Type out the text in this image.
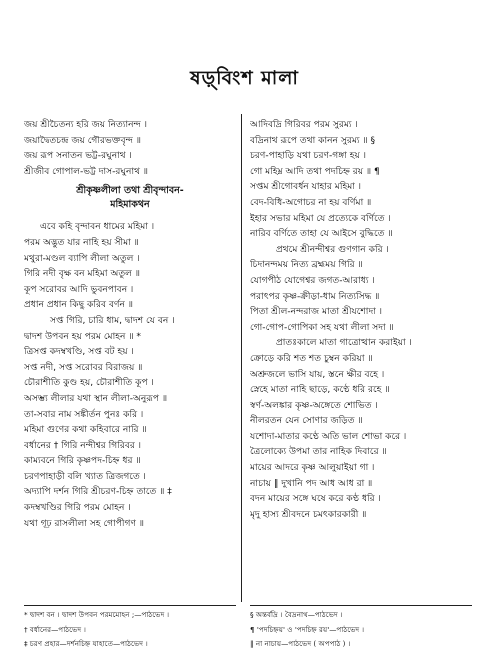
ষড়্‌বিংশ মালা
জয় শ্রীচৈতন্য হরি জয় নিত্যানন্দ ।
জয়াদ্বৈতচন্দ্র জয় গৌরভক্তবৃন্দ ॥
জয় রূপ সনাতন ভট্ট-রঘুনাথ ।
শ্রীজীব গোপাল-ভট্ট দাস-রঘুনাথ ॥
শ্রীকৃষ্ণলীলা তথা শ্রীবৃন্দাবন-
মহিমাকথন
এবে কহি বৃন্দাবন ধামের মহিমা ।
পরম অদ্ভুত যার নাহি হয় সীমা ॥
মথুরা-মণ্ডল ব্যাপি লীলা অতুল ।
গিরি নদী বৃক্ষ বন মহিমা অতুল ॥
কূপ সরোবর আদি ভুবনপাবন ।
প্রধান প্রধান কিছু করিব বর্ণন ॥
সপ্ত গিরি, চারি ধাম, দ্বাদশ যে বন ।
দ্বাদশ উপবন হয় পরম মোহন ॥ *
ত্রিসপ্ত কদম্বখণ্ডি, সপ্ত বট হয় ।
সপ্ত নদী, সপ্ত সরোবর বিরাজয় ॥
চৌরাশীতি কুণ্ড হয়, চৌরাশীতি কূপ ।
অসম্ভ্য লীলার যথা স্থান লীলা-অনুরূপ ॥
তা-সবার নাম সঙ্কীর্তন পুনঃ করি ।
মহিমা গুণের কথা কহিবারে নারি ॥
বর্ধানের † গিরি নন্দীশ্বর গিরিবর ।
কাম্যবনে গিরি কৃষ্ণপদ-চিহ্ন ধর ॥
চরণপাহাড়ী বলি খ্যাত ত্রিজগতে ।
অদ্যাপি দর্শন গিরি শ্রীচরণ-চিহ্ন তাতে ॥ ‡
কদম্বখণ্ডির গিরি পরম মোহন ।
যথা গূঢ় রাসলীলা সহ গোপীগণ ॥
আদিবদ্রি গিরিবর পরম সুরম্য ।
বদ্রিনাথ রূপে তথা কানন সুরম্য ॥ §
চরণ-পাহাড়ি যথা চরণ-গঙ্গা হয় ।
গো মহিম্ন আদি তথা পদচিহ্ন রয় ॥ ¶
সপ্তম শ্রীগোবর্ধন যাহার মহিমা ।
বেদ-বিধি-অগোচর না হয় বর্ণিমা ॥
ইহার সভার মহিমা যে প্রত্যেকে বর্ণিতে ।
নারিব বর্ণিতে তাহা যে আইসে বুদ্ধিতে ॥
প্রথমে শ্রীনন্দীশ্বর গুণগান করি ।
চিদানন্দময় নিত্য ব্রহ্মময় গিরি ॥
যোগপীঠ যোগেশ্বর জগত-আরাধ্য ।
পরাৎপর কৃষ্ণ-ক্রীড়া-ধাম নিত্যসিদ্ধ ॥
পিতা শ্রীল-নন্দরাজ মাতা শ্রীযশোদা ।
গো-গোপ-গোপিকা সহ যথা লীলা সদা ॥
প্রাতঃকালে মাতা গাত্রোত্থান করাইয়া ।
ক্রোড়ে করি শত শত চুম্বন করিয়া ॥
অশ্রুজলে ভাসি যায়, স্তনে ক্ষীর বহে ।
স্নেহে মাতা নাহি ছাড়ে, কণ্ঠে ধরি রহে ॥
স্বর্ণ-অলঙ্কার কৃষ্ণ-অঙ্গেতে শোভিত ।
নীলরতন যেন সোণার জড়িত ॥
যশোদা-মাতার কণ্ঠে অতি ভাল শোভা করে ।
ত্রৈলোক্যে উপমা তার নাহিক দিবারে ॥
মায়ের আদরে কৃষ্ণ আলুয়াইয়া গা ।
নাচায় ‖ দুখানি পদ আধ আধ রা ॥
বদন মায়ের সঙ্গে ঘষে করে কণ্ঠ ধরি ।
মৃদু হাস্য শ্রীবদনে চমৎকারকারী ॥
* দ্বাদশ বন । দ্বাদশ উপবন পরমমোহন ;—পাঠভেদ ।
† বর্ধানের—পাঠভেদ ।
‡ চরণ প্রহার—দর্শনচিহ্ন যাহাতে—পাঠভেদ ।
§ অন্তর্বদ্রি । বৈদ্রনাথ—পাঠভেদ ।
¶ 'পদচিহ্নয়' ও 'পদচিহ্ন রয়'—পাঠভেদ ।
‖ না নাচায়—পাঠভেদ ( অপপাঠ ) ।
